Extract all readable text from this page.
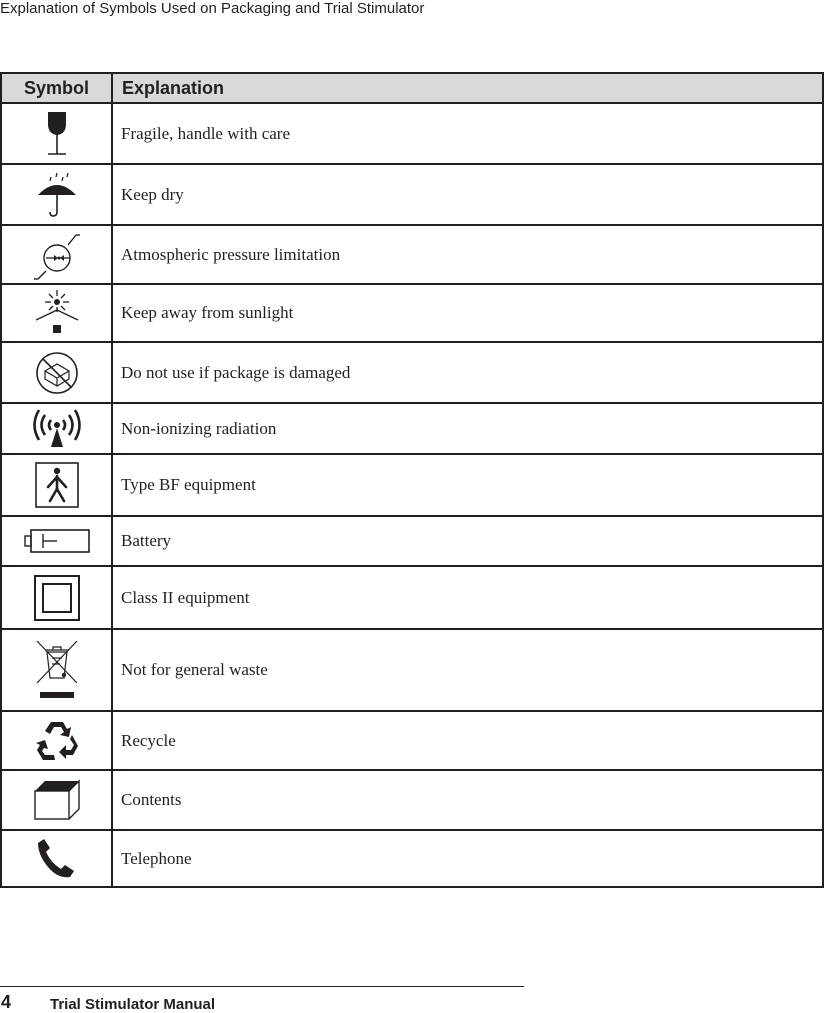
Explanation of Symbols Used on Packaging and Trial Stimulator
Symbol	Explanation

	Fragile, handle with care

	Keep dry

	Atmospheric pressure limitation

	Keep away from sunlight

	Do not use if package is damaged

	Non-ionizing radiation

	Type BF equipment

	Battery

	Class II equipment

	Not for general waste

	Recycle

	Contents

	Telephone
4	Trial Stimulator Manual
